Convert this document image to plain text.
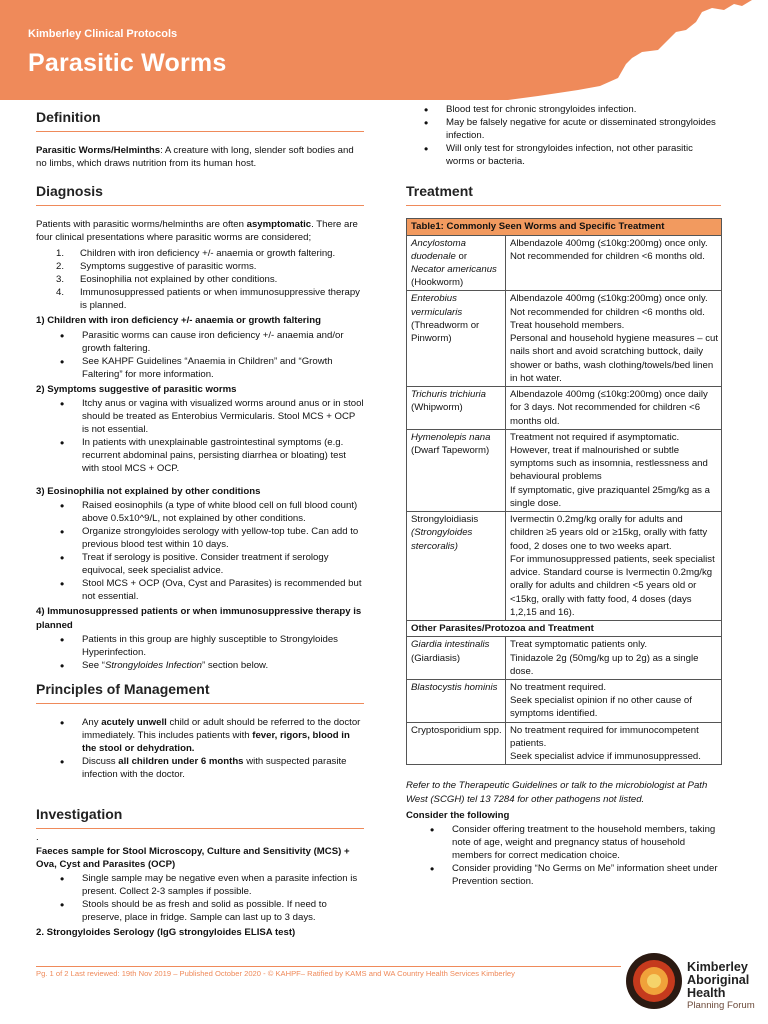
Kimberley Clinical Protocols
Parasitic Worms
Definition

Parasitic Worms/Helminths: A creature with long, slender soft bodies and no limbs, which draws nutrition from its human host.

Diagnosis

Patients with parasitic worms/helminths are often asymptomatic. There are four clinical presentations where parasitic worms are considered;

1. Children with iron deficiency +/- anaemia or growth faltering.
2. Symptoms suggestive of parasitic worms.
3. Eosinophilia not explained by other conditions.
4. Immunosuppressed patients or when immunosuppressive therapy is planned.
1) Children with iron deficiency +/- anaemia or growth faltering
• Parasitic worms can cause iron deficiency +/- anaemia and/or growth faltering.
• See KAHPF Guidelines “Anaemia in Children” and “Growth Faltering” for more information.
2) Symptoms suggestive of parasitic worms
• Itchy anus or vagina with visualized worms around anus or in stool should be treated as Enterobius Vermicularis. Stool MCS + OCP is not essential.
• In patients with unexplainable gastrointestinal symptoms (e.g. recurrent abdominal pains, persisting diarrhea or bloating) test with stool MCS + OCP.
3) Eosinophilia not explained by other conditions
• Raised eosinophils (a type of white blood cell on full blood count) above 0.5x10^9/L, not explained by other conditions.
• Organize strongyloides serology with yellow-top tube. Can add to previous blood test within 10 days.
• Treat if serology is positive. Consider treatment if serology equivocal, seek specialist advice.
• Stool MCS + OCP (Ova, Cyst and Parasites) is recommended but not essential.
4) Immunosuppressed patients or when immunosuppressive therapy is planned
• Patients in this group are highly susceptible to Strongyloides Hyperinfection.
• See “Strongyloides Infection” section below.
Principles of Management
• Any acutely unwell child or adult should be referred to the doctor immediately. This includes patients with fever, rigors, blood in the stool or dehydration.
• Discuss all children under 6 months with suspected parasite infection with the doctor.
Investigation

.

Faeces sample for Stool Microscopy, Culture and Sensitivity (MCS) + Ova, Cyst and Parasites (OCP)
• Single sample may be negative even when a parasite infection is present. Collect 2-3 samples if possible.
• Stools should be as fresh and solid as possible. If need to preserve, place in fridge. Sample can last up to 3 days.
2. Strongyloides Serology (IgG strongyloides ELISA test)
• Blood test for chronic strongyloides infection.
• May be falsely negative for acute or disseminated strongyloides infection.
• Will only test for strongyloides infection, not other parasitic worms or bacteria.
Treatment
Table1: Commonly Seen Worms and Specific Treatment	
Ancylostoma duodenale or Necator americanus
(Hookworm)	Albendazole 400mg (≤10kg:200mg) once only. Not recommended for children <6 months old.
Enterobius vermicularis
(Threadworm or Pinworm)	Albendazole 400mg (≤10kg:200mg) once only. Not recommended for children <6 months old.
Treat household members.
Personal and household hygiene measures – cut nails short and avoid scratching buttock, daily shower or baths, wash clothing/towels/bed linen in hot water.
Trichuris trichiuria
(Whipworm)	Albendazole 400mg (≤10kg:200mg) once daily for 3 days. Not recommended for children <6 months old.
Hymenolepis nana (Dwarf Tapeworm)	Treatment not required if asymptomatic. However, treat if malnourished or subtle symptoms such as insomnia, restlessness and behavioural problems
If symptomatic, give praziquantel 25mg/kg as a single dose.
Strongyloidiasis
(Strongyloides stercoralis)	Ivermectin 0.2mg/kg orally for adults and children ≥5 years old or ≥15kg, orally with fatty food, 2 doses one to two weeks apart.
For immunosuppressed patients, seek specialist advice. Standard course is Ivermectin 0.2mg/kg orally for adults and children <5 years old or <15kg, orally with fatty food, 4 doses (days 1,2,15 and 16).
Other Parasites/Protozoa and Treatment	
Giardia intestinalis
(Giardiasis)	Treat symptomatic patients only.
Tinidazole 2g (50mg/kg up to 2g) as a single dose.
Blastocystis hominis	No treatment required.
Seek specialist opinion if no other cause of symptoms identified.
Cryptosporidium spp.	No treatment required for immunocompetent patients.
Seek specialist advice if immunosuppressed.

Refer to the Therapeutic Guidelines or talk to the microbiologist at Path West (SCGH) tel 13 7284 for other pathogens not listed.

Consider the following
• Consider offering treatment to the household members, taking note of age, weight and pregnancy status of household members for correct medication choice.
• Consider providing “No Germs on Me” information sheet under Prevention section.
Pg. 1 of 2 Last reviewed: 19th Nov 2019 – Published October 2020 - © KAHPF– Ratified by KAMS and WA Country Health Services Kimberley	Kimberley
Aboriginal
Health
Planning Forum
